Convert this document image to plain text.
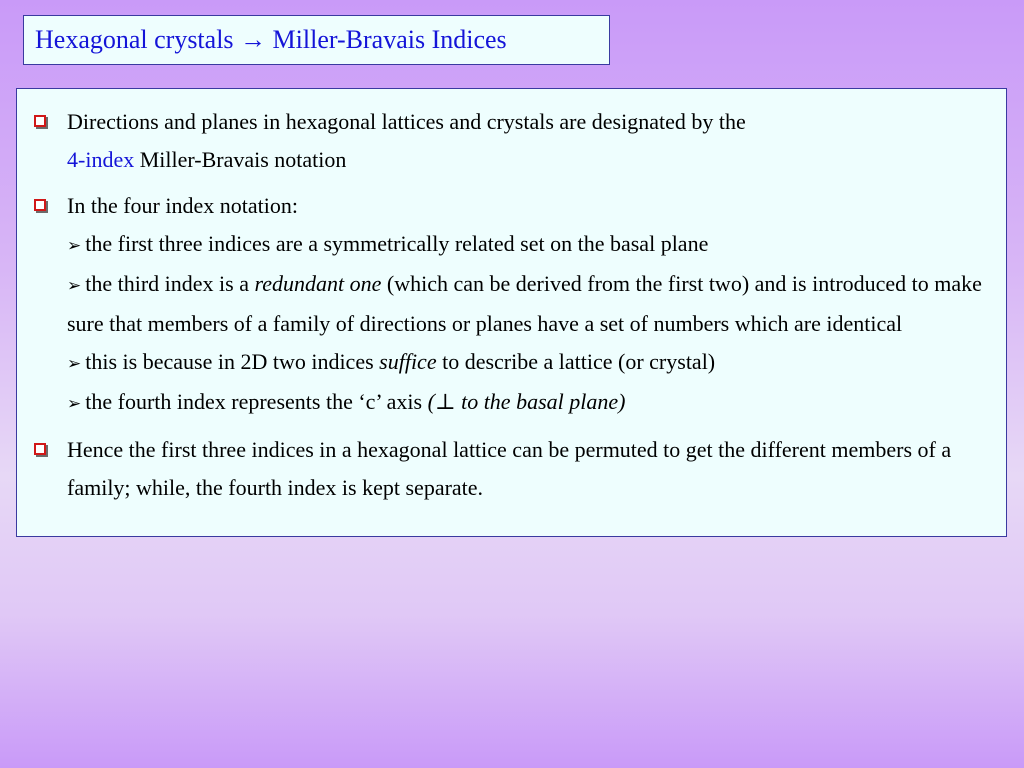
Hexagonal crystals → Miller-Bravais Indices
Directions and planes in hexagonal lattices and crystals are designated by the
4-index Miller-Bravais notation
In the four index notation:
➢ the first three indices are a symmetrically related set on the basal plane
➢ the third index is a redundant one (which can be derived from the first two) and is introduced to make sure that members of a family of directions or planes have a set of numbers which are identical
➢ this is because in 2D two indices suffice to describe a lattice (or crystal)
➢ the fourth index represents the ‘c’ axis (⊥ to the basal plane)
Hence the first three indices in a hexagonal lattice can be permuted to get the different members of a family; while, the fourth index is kept separate.
